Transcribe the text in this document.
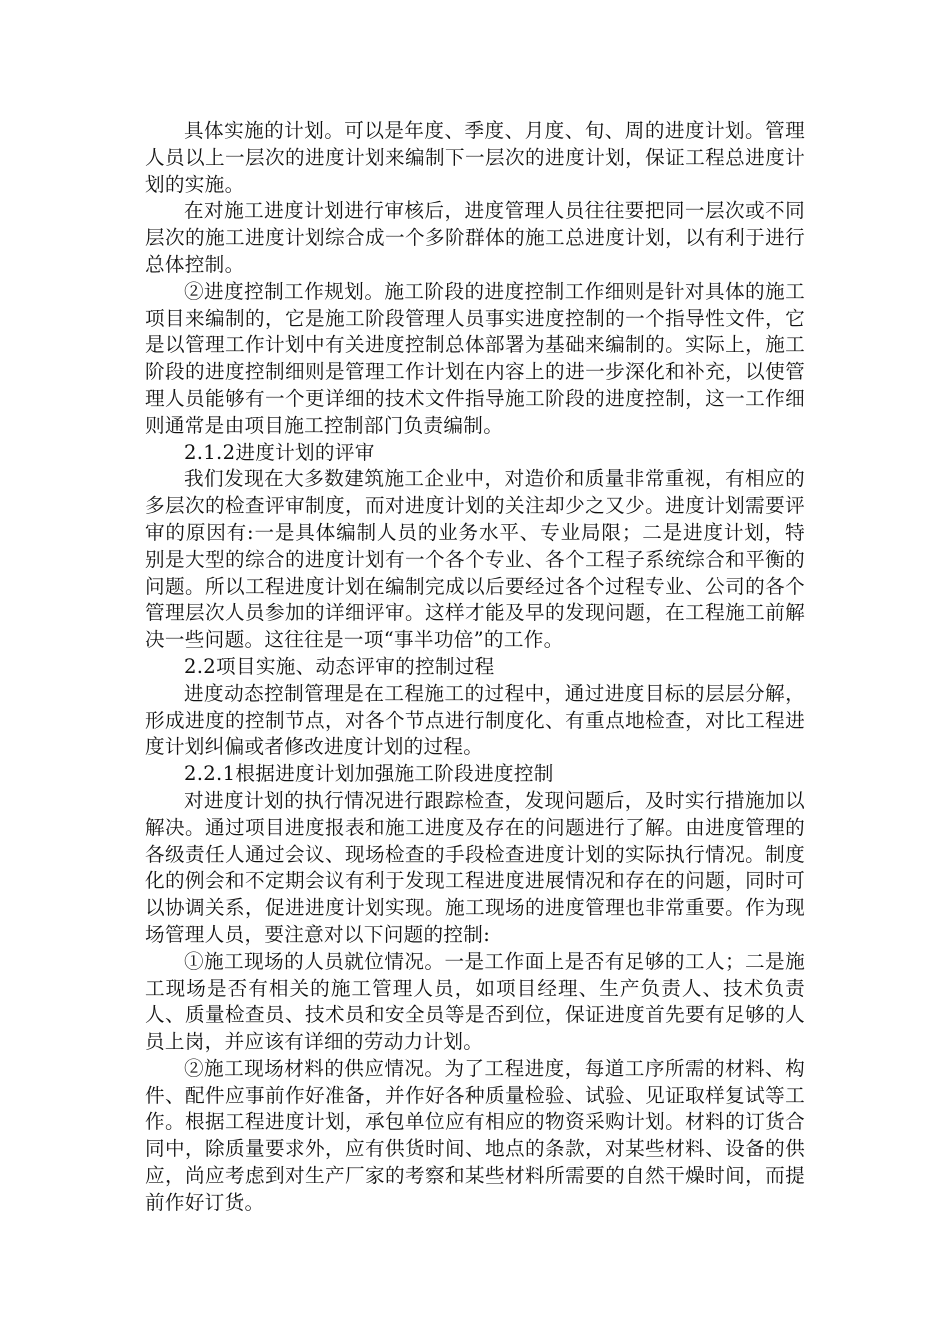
具体实施的计划。可以是年度、季度、月度、旬、周的进度计划。管理人员以上一层次的进度计划来编制下一层次的进度计划，保证工程总进度计划的实施。

在对施工进度计划进行审核后，进度管理人员往往要把同一层次或不同层次的施工进度计划综合成一个多阶群体的施工总进度计划，以有利于进行总体控制。

②进度控制工作规划。施工阶段的进度控制工作细则是针对具体的施工项目来编制的，它是施工阶段管理人员事实进度控制的一个指导性文件，它是以管理工作计划中有关进度控制总体部署为基础来编制的。实际上，施工阶段的进度控制细则是管理工作计划在内容上的进一步深化和补充，以使管理人员能够有一个更详细的技术文件指导施工阶段的进度控制，这一工作细则通常是由项目施工控制部门负责编制。

2.1.2进度计划的评审

我们发现在大多数建筑施工企业中，对造价和质量非常重视，有相应的多层次的检查评审制度，而对进度计划的关注却少之又少。进度计划需要评审的原因有:一是具体编制人员的业务水平、专业局限；二是进度计划，特别是大型的综合的进度计划有一个各个专业、各个工程子系统综合和平衡的问题。所以工程进度计划在编制完成以后要经过各个过程专业、公司的各个管理层次人员参加的详细评审。这样才能及早的发现问题，在工程施工前解决一些问题。这往往是一项“事半功倍”的工作。

2.2项目实施、动态评审的控制过程

进度动态控制管理是在工程施工的过程中，通过进度目标的层层分解，形成进度的控制节点，对各个节点进行制度化、有重点地检查，对比工程进度计划纠偏或者修改进度计划的过程。

2.2.1根据进度计划加强施工阶段进度控制

对进度计划的执行情况进行跟踪检查，发现问题后，及时实行措施加以解决。通过项目进度报表和施工进度及存在的问题进行了解。由进度管理的各级责任人通过会议、现场检查的手段检查进度计划的实际执行情况。制度化的例会和不定期会议有利于发现工程进度进展情况和存在的问题，同时可以协调关系，促进进度计划实现。施工现场的进度管理也非常重要。作为现场管理人员，要注意对以下问题的控制:

①施工现场的人员就位情况。一是工作面上是否有足够的工人；二是施工现场是否有相关的施工管理人员，如项目经理、生产负责人、技术负责人、质量检查员、技术员和安全员等是否到位，保证进度首先要有足够的人员上岗，并应该有详细的劳动力计划。

②施工现场材料的供应情况。为了工程进度，每道工序所需的材料、构件、配件应事前作好准备，并作好各种质量检验、试验、见证取样复试等工作。根据工程进度计划，承包单位应有相应的物资采购计划。材料的订货合同中，除质量要求外，应有供货时间、地点的条款，对某些材料、设备的供应，尚应考虑到对生产厂家的考察和某些材料所需要的自然干燥时间，而提前作好订货。
